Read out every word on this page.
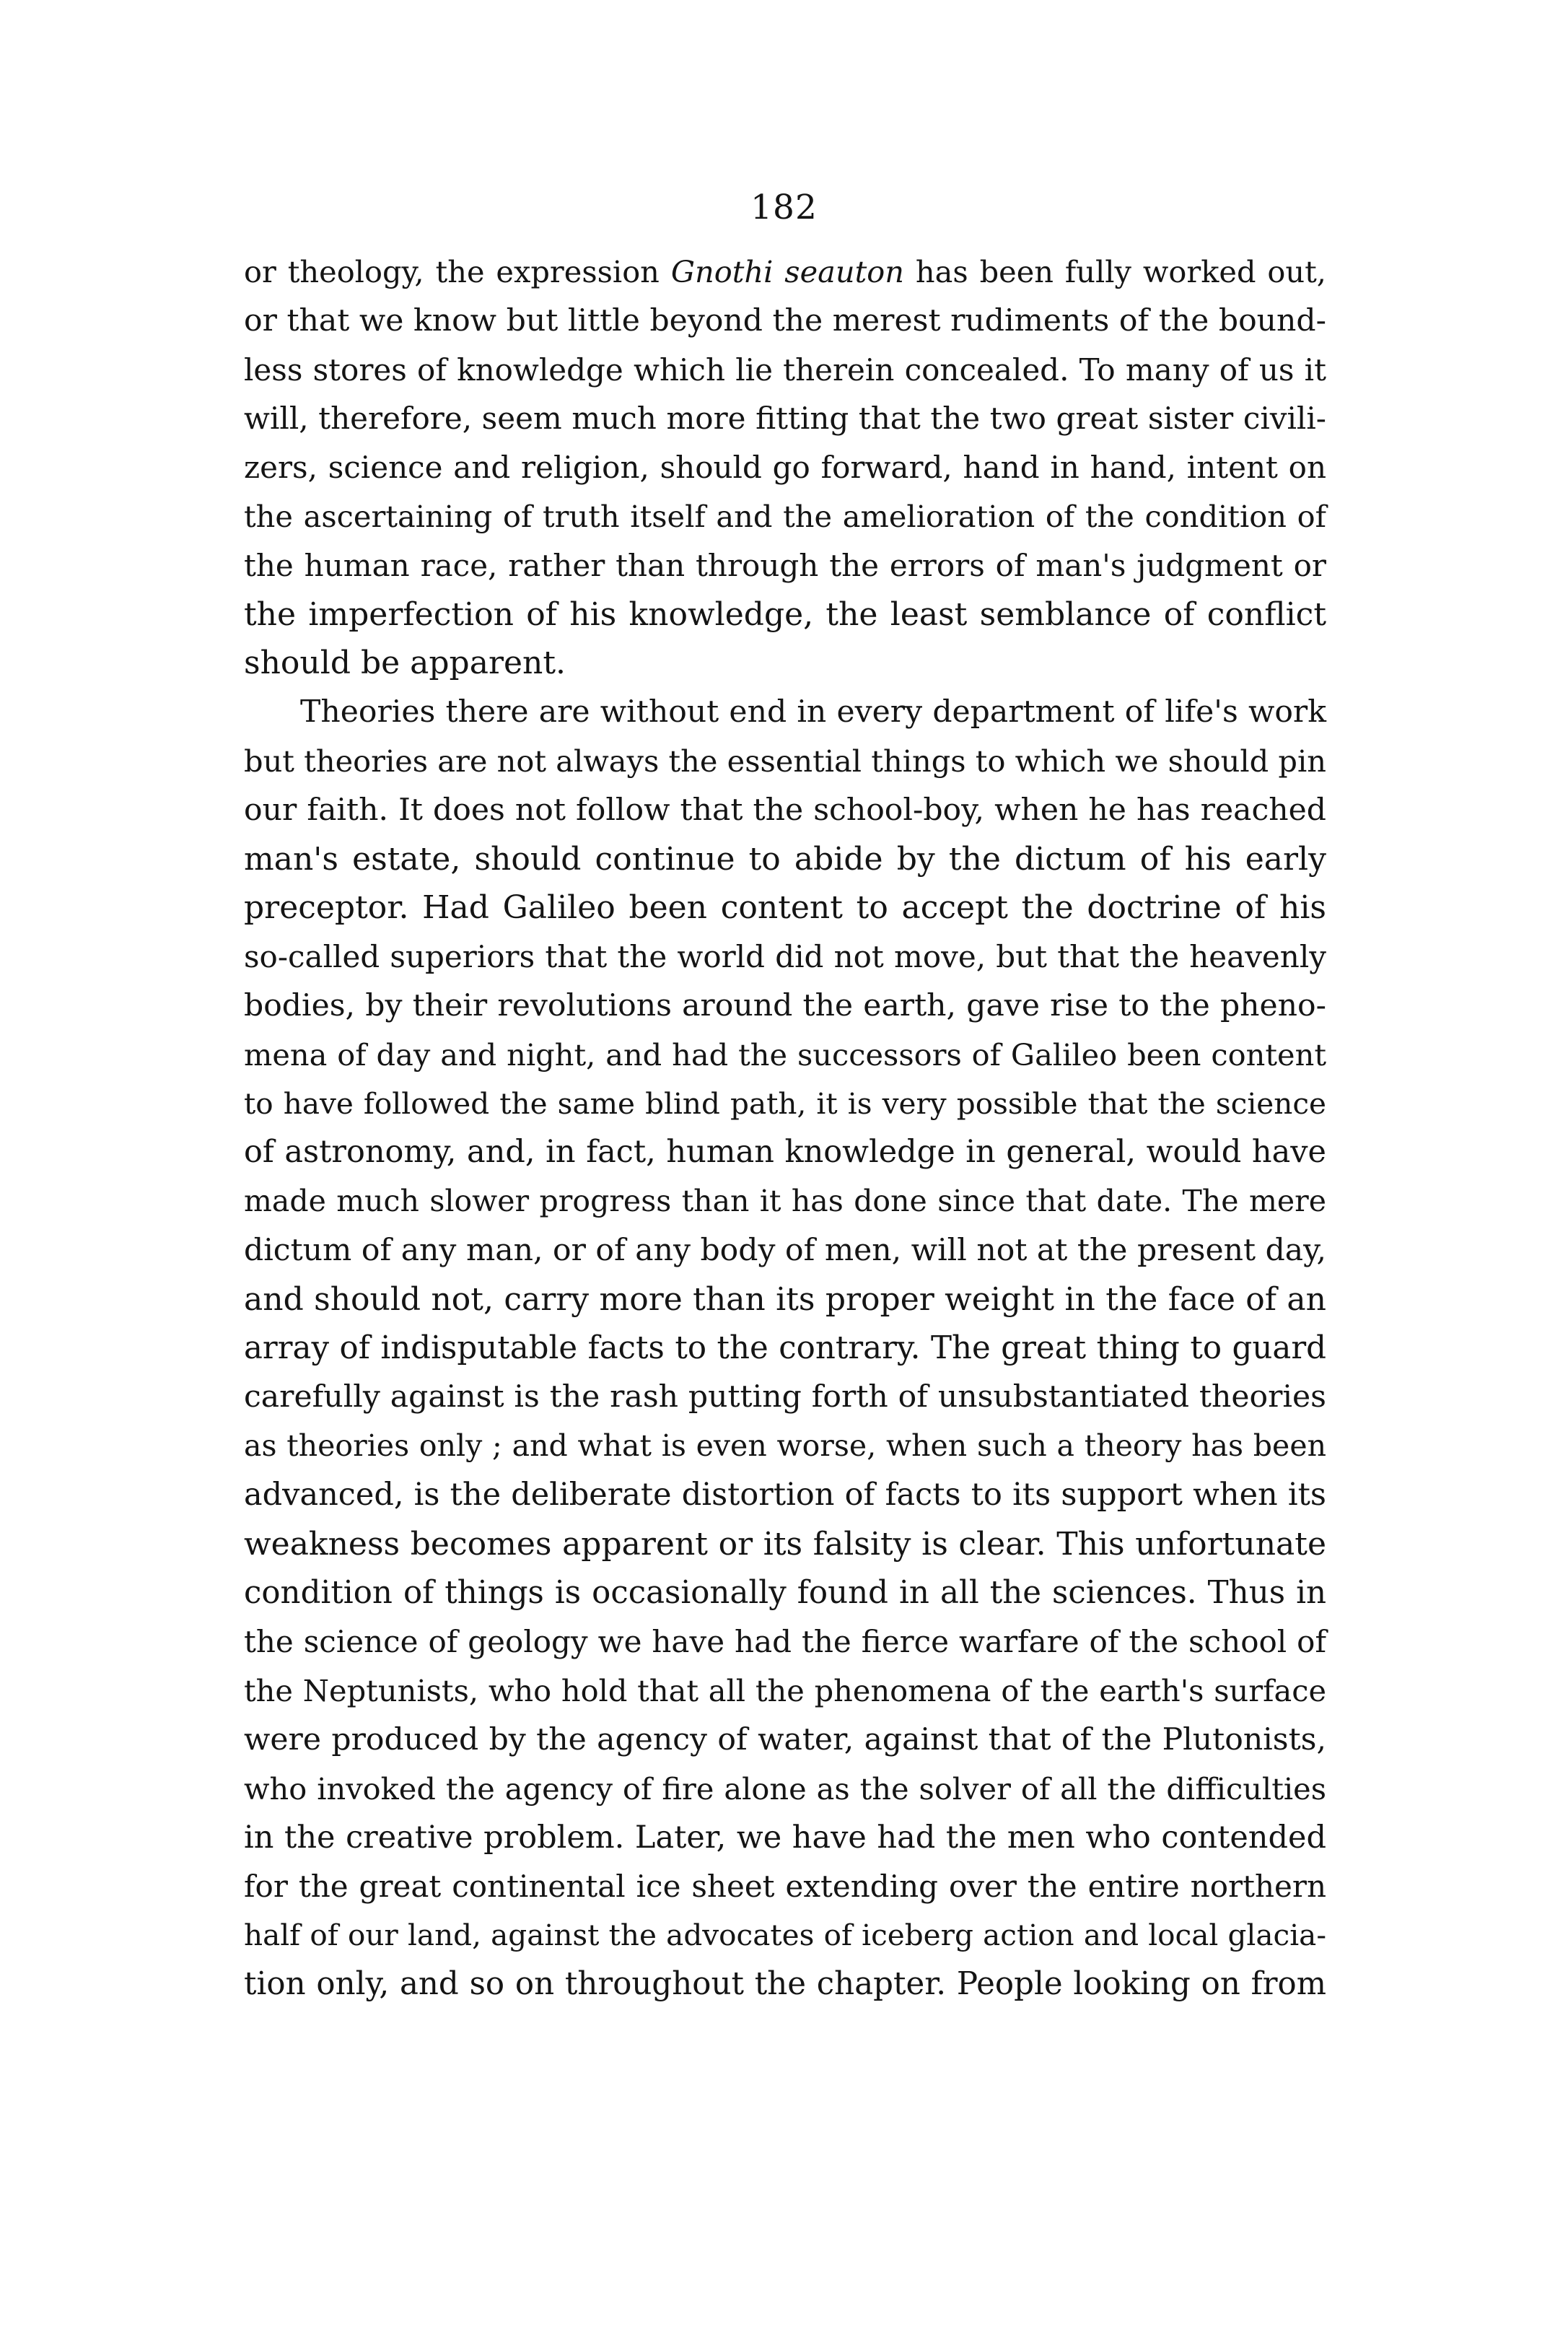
182
or theology, the expression Gnothi seauton has been fully worked out,
or that we know but little beyond the merest rudiments of the bound-
less stores of knowledge which lie therein concealed. To many of us it
will, therefore, seem much more fitting that the two great sister civili-
zers, science and religion, should go forward, hand in hand, intent on
the ascertaining of truth itself and the amelioration of the condition of
the human race, rather than through the errors of man's judgment or
the imperfection of his knowledge, the least semblance of conflict
should be apparent.
Theories there are without end in every department of life's work
but theories are not always the essential things to which we should pin
our faith. It does not follow that the school-boy, when he has reached
man's estate, should continue to abide by the dictum of his early
preceptor. Had Galileo been content to accept the doctrine of his
so-called superiors that the world did not move, but that the heavenly
bodies, by their revolutions around the earth, gave rise to the pheno-
mena of day and night, and had the successors of Galileo been content
to have followed the same blind path, it is very possible that the science
of astronomy, and, in fact, human knowledge in general, would have
made much slower progress than it has done since that date. The mere
dictum of any man, or of any body of men, will not at the present day,
and should not, carry more than its proper weight in the face of an
array of indisputable facts to the contrary. The great thing to guard
carefully against is the rash putting forth of unsubstantiated theories
as theories only ; and what is even worse, when such a theory has been
advanced, is the deliberate distortion of facts to its support when its
weakness becomes apparent or its falsity is clear. This unfortunate
condition of things is occasionally found in all the sciences. Thus in
the science of geology we have had the fierce warfare of the school of
the Neptunists, who hold that all the phenomena of the earth's surface
were produced by the agency of water, against that of the Plutonists,
who invoked the agency of fire alone as the solver of all the difficulties
in the creative problem. Later, we have had the men who contended
for the great continental ice sheet extending over the entire northern
half of our land, against the advocates of iceberg action and local glacia-
tion only, and so on throughout the chapter. People looking on from
